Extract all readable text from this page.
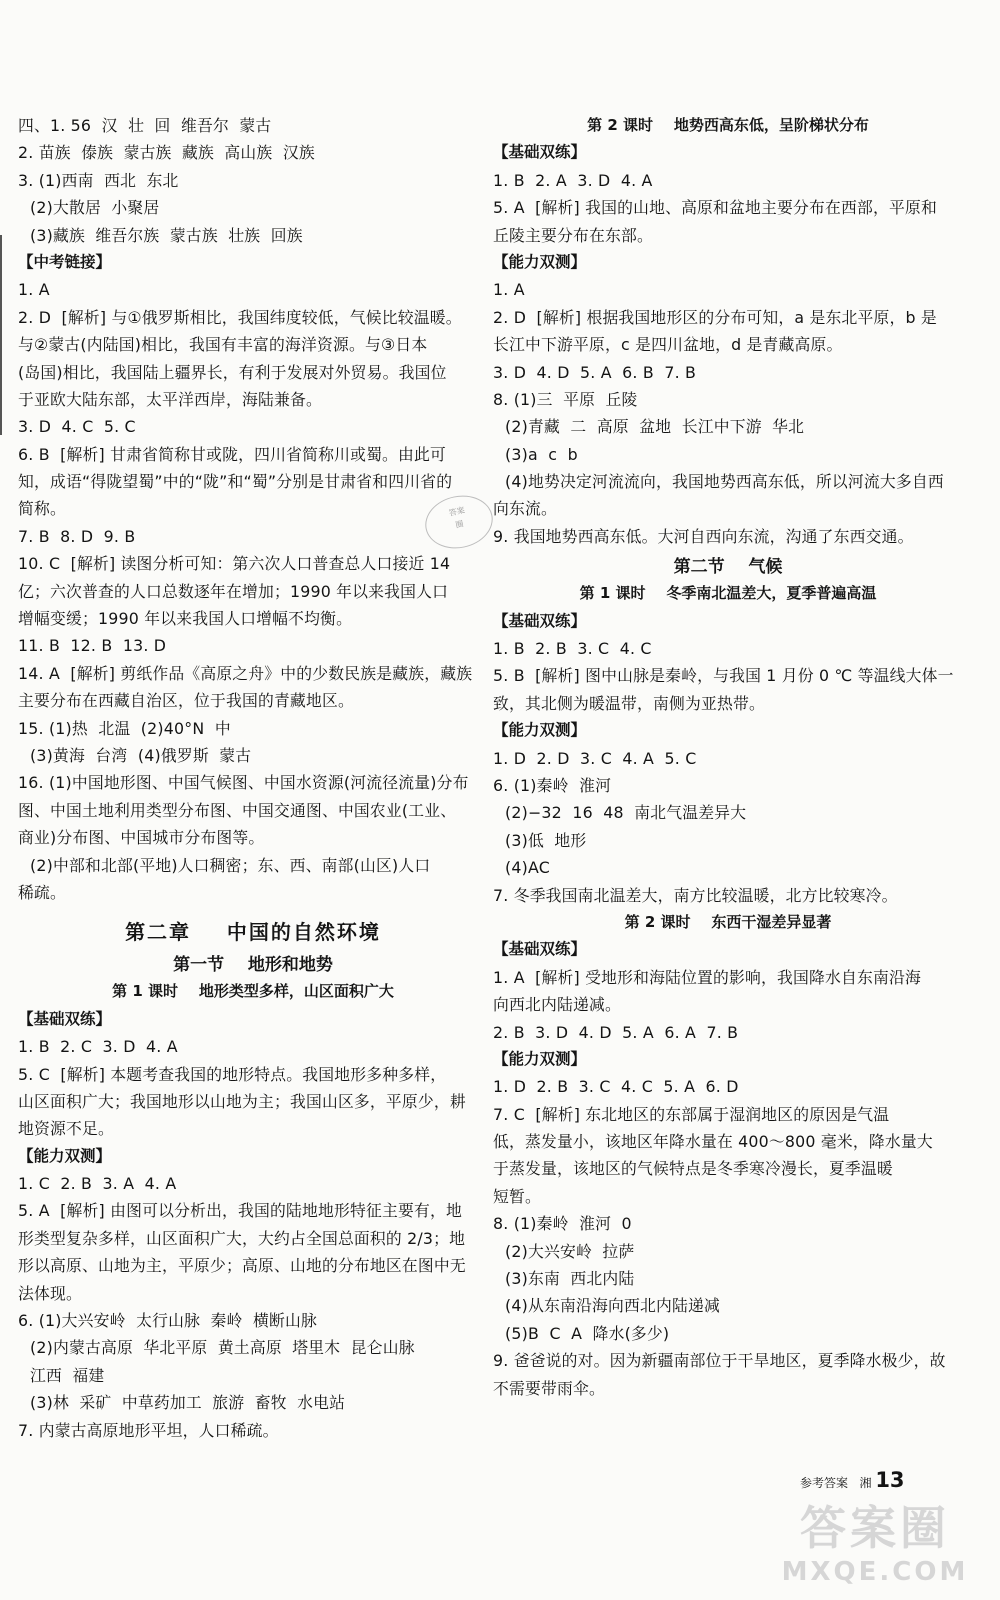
四、1. 56  汉  壮  回  维吾尔  蒙古
2. 苗族  傣族  蒙古族  藏族  高山族  汉族
3. (1)西南  西北  东北
(2)大散居  小聚居
(3)藏族  维吾尔族  蒙古族  壮族  回族
【中考链接】
1. A
2. D  [解析] 与①俄罗斯相比，我国纬度较低，气候比较温暖。
与②蒙古(内陆国)相比，我国有丰富的海洋资源。与③日本
(岛国)相比，我国陆上疆界长，有利于发展对外贸易。我国位
于亚欧大陆东部，太平洋西岸，海陆兼备。
3. D  4. C  5. C
6. B  [解析] 甘肃省简称甘或陇，四川省简称川或蜀。由此可
知，成语“得陇望蜀”中的“陇”和“蜀”分别是甘肃省和四川省的
简称。
7. B  8. D  9. B
10. C  [解析] 读图分析可知：第六次人口普查总人口接近 14
亿；六次普查的人口总数逐年在增加；1990 年以来我国人口
增幅变缓；1990 年以来我国人口增幅不均衡。
11. B  12. B  13. D
14. A  [解析] 剪纸作品《高原之舟》中的少数民族是藏族，藏族
主要分布在西藏自治区，位于我国的青藏地区。
15. (1)热  北温  (2)40°N  中
(3)黄海  台湾  (4)俄罗斯  蒙古
16. (1)中国地形图、中国气候图、中国水资源(河流径流量)分布
图、中国土地利用类型分布图、中国交通图、中国农业(工业、
商业)分布图、中国城市分布图等。
(2)中部和北部(平地)人口稠密；东、西、南部(山区)人口
稀疏。
第二章    中国的自然环境
第一节    地形和地势
第 1 课时    地形类型多样，山区面积广大
【基础双练】
1. B  2. C  3. D  4. A
5. C  [解析] 本题考查我国的地形特点。我国地形多种多样，
山区面积广大；我国地形以山地为主；我国山区多，平原少，耕
地资源不足。
【能力双测】
1. C  2. B  3. A  4. A
5. A  [解析] 由图可以分析出，我国的陆地地形特征主要有，地
形类型复杂多样，山区面积广大，大约占全国总面积的 2/3；地
形以高原、山地为主，平原少；高原、山地的分布地区在图中无
法体现。
6. (1)大兴安岭  太行山脉  秦岭  横断山脉
(2)内蒙古高原  华北平原  黄土高原  塔里木  昆仑山脉
江西  福建
(3)林  采矿  中草药加工  旅游  畜牧  水电站
7. 内蒙古高原地形平坦，人口稀疏。
第 2 课时    地势西高东低，呈阶梯状分布
【基础双练】
1. B  2. A  3. D  4. A
5. A  [解析] 我国的山地、高原和盆地主要分布在西部，平原和
丘陵主要分布在东部。
【能力双测】
1. A
2. D  [解析] 根据我国地形区的分布可知，a 是东北平原，b 是
长江中下游平原，c 是四川盆地，d 是青藏高原。
3. D  4. D  5. A  6. B  7. B
8. (1)三  平原  丘陵
(2)青藏  二  高原  盆地  长江中下游  华北
(3)a  c  b
(4)地势决定河流流向，我国地势西高东低，所以河流大多自西
向东流。
9. 我国地势西高东低。大河自西向东流，沟通了东西交通。
第二节    气候
第 1 课时    冬季南北温差大，夏季普遍高温
【基础双练】
1. B  2. B  3. C  4. C
5. B  [解析] 图中山脉是秦岭，与我国 1 月份 0 ℃ 等温线大体一
致，其北侧为暖温带，南侧为亚热带。
【能力双测】
1. D  2. D  3. C  4. A  5. C
6. (1)秦岭  淮河
(2)−32  16  48  南北气温差异大
(3)低  地形
(4)AC
7. 冬季我国南北温差大，南方比较温暖，北方比较寒冷。
第 2 课时    东西干湿差异显著
【基础双练】
1. A  [解析] 受地形和海陆位置的影响，我国降水自东南沿海
向西北内陆递减。
2. B  3. D  4. D  5. A  6. A  7. B
【能力双测】
1. D  2. B  3. C  4. C  5. A  6. D
7. C  [解析] 东北地区的东部属于湿润地区的原因是气温
低，蒸发量小，该地区年降水量在 400～800 毫米，降水量大
于蒸发量，该地区的气候特点是冬季寒冷漫长，夏季温暖
短暂。
8. (1)秦岭  淮河  0
(2)大兴安岭  拉萨
(3)东南  西北内陆
(4)从东南沿海向西北内陆递减
(5)B  C  A  降水(多少)
9. 爸爸说的对。因为新疆南部位于干旱地区，夏季降水极少，故
不需要带雨伞。
答案
圈
参考答案 湘 13
答案圈
MXQE.COM
